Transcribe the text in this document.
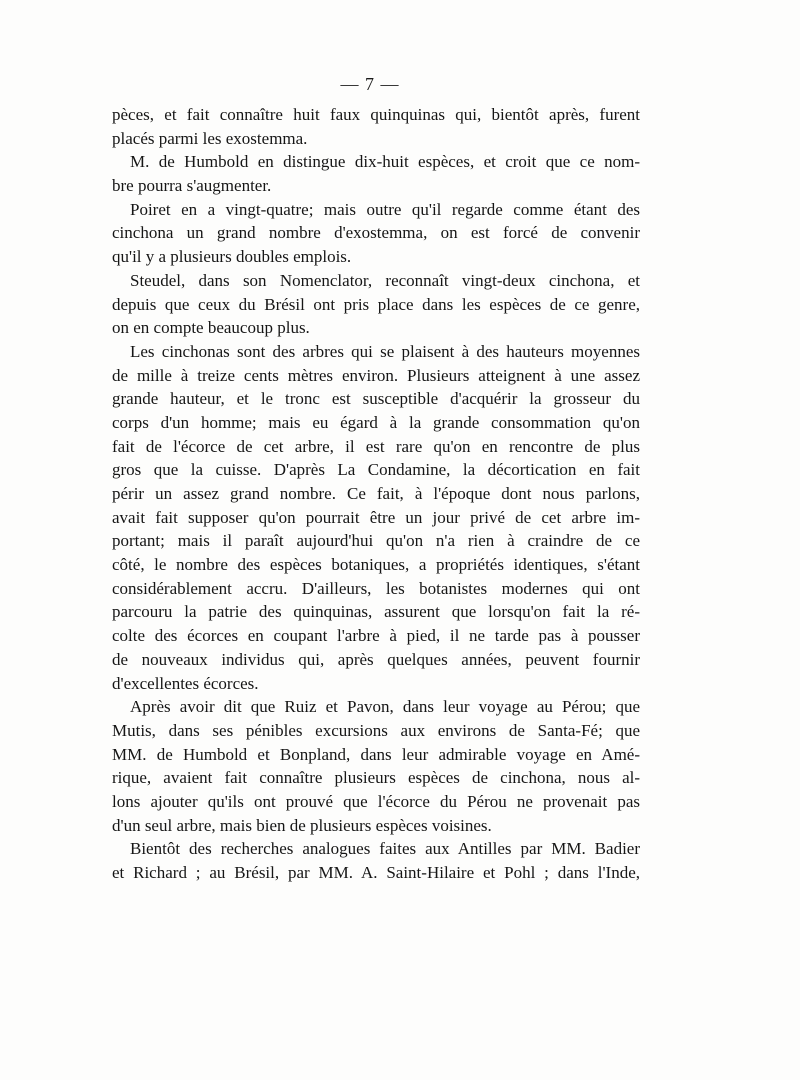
— 7 —
pèces, et fait connaître huit faux quinquinas qui, bientôt après, furent
placés parmi les exostemma.
M. de Humbold en distingue dix-huit espèces, et croit que ce nom-
bre pourra s'augmenter.
Poiret en a vingt-quatre; mais outre qu'il regarde comme étant des
cinchona un grand nombre d'exostemma, on est forcé de convenir
qu'il y a plusieurs doubles emplois.
Steudel, dans son Nomenclator, reconnaît vingt-deux cinchona, et
depuis que ceux du Brésil ont pris place dans les espèces de ce genre,
on en compte beaucoup plus.
Les cinchonas sont des arbres qui se plaisent à des hauteurs moyennes
de mille à treize cents mètres environ. Plusieurs atteignent à une assez
grande hauteur, et le tronc est susceptible d'acquérir la grosseur du
corps d'un homme; mais eu égard à la grande consommation qu'on
fait de l'écorce de cet arbre, il est rare qu'on en rencontre de plus
gros que la cuisse. D'après La Condamine, la décortication en fait
périr un assez grand nombre. Ce fait, à l'époque dont nous parlons,
avait fait supposer qu'on pourrait être un jour privé de cet arbre im-
portant; mais il paraît aujourd'hui qu'on n'a rien à craindre de ce
côté, le nombre des espèces botaniques, a propriétés identiques, s'étant
considérablement accru. D'ailleurs, les botanistes modernes qui ont
parcouru la patrie des quinquinas, assurent que lorsqu'on fait la ré-
colte des écorces en coupant l'arbre à pied, il ne tarde pas à pousser
de nouveaux individus qui, après quelques années, peuvent fournir
d'excellentes écorces.
Après avoir dit que Ruiz et Pavon, dans leur voyage au Pérou; que
Mutis, dans ses pénibles excursions aux environs de Santa-Fé; que
MM. de Humbold et Bonpland, dans leur admirable voyage en Amé-
rique, avaient fait connaître plusieurs espèces de cinchona, nous al-
lons ajouter qu'ils ont prouvé que l'écorce du Pérou ne provenait pas
d'un seul arbre, mais bien de plusieurs espèces voisines.
Bientôt des recherches analogues faites aux Antilles par MM. Badier
et Richard ; au Brésil, par MM. A. Saint-Hilaire et Pohl ; dans l'Inde,
